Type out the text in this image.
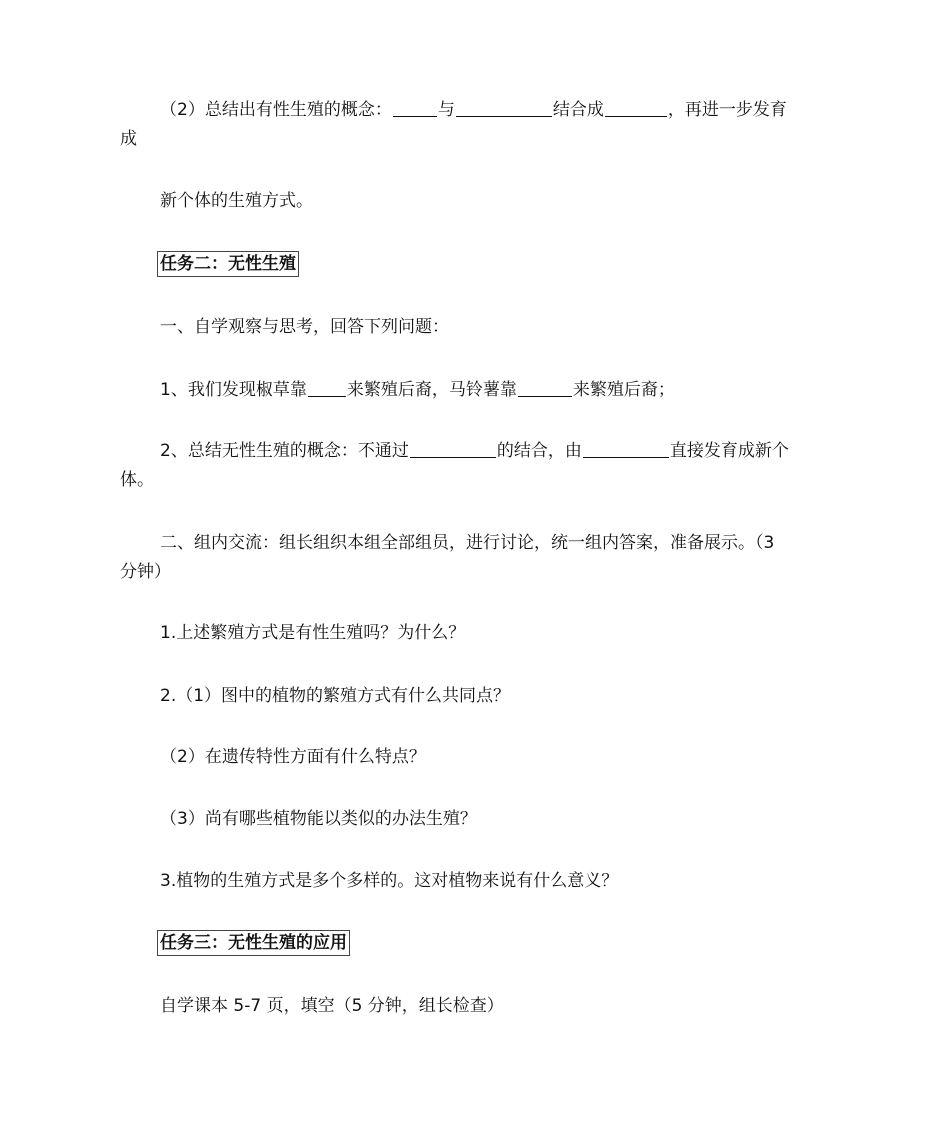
（2）总结出有性生殖的概念：	与	结合成	，再进一步发育
成
新个体的生殖方式。
任务二：无性生殖
一、自学观察与思考，回答下列问题：
1、我们发现椒草靠 来繁殖后裔，马铃薯靠	来繁殖后裔；
2、总结无性生殖的概念：不通过	的结合，由	直接发育成新个
体。
二、组内交流：组长组织本组全部组员，进行讨论，统一组内答案，准备展示。（3
分钟）
1.上述繁殖方式是有性生殖吗？为什么？
2.（1）图中的植物的繁殖方式有什么共同点？
（2）在遗传特性方面有什么特点？
（3）尚有哪些植物能以类似的办法生殖？
3.植物的生殖方式是多个多样的。这对植物来说有什么意义？
任务三：无性生殖的应用
自学课本 5-7 页，填空（5 分钟，组长检查）
